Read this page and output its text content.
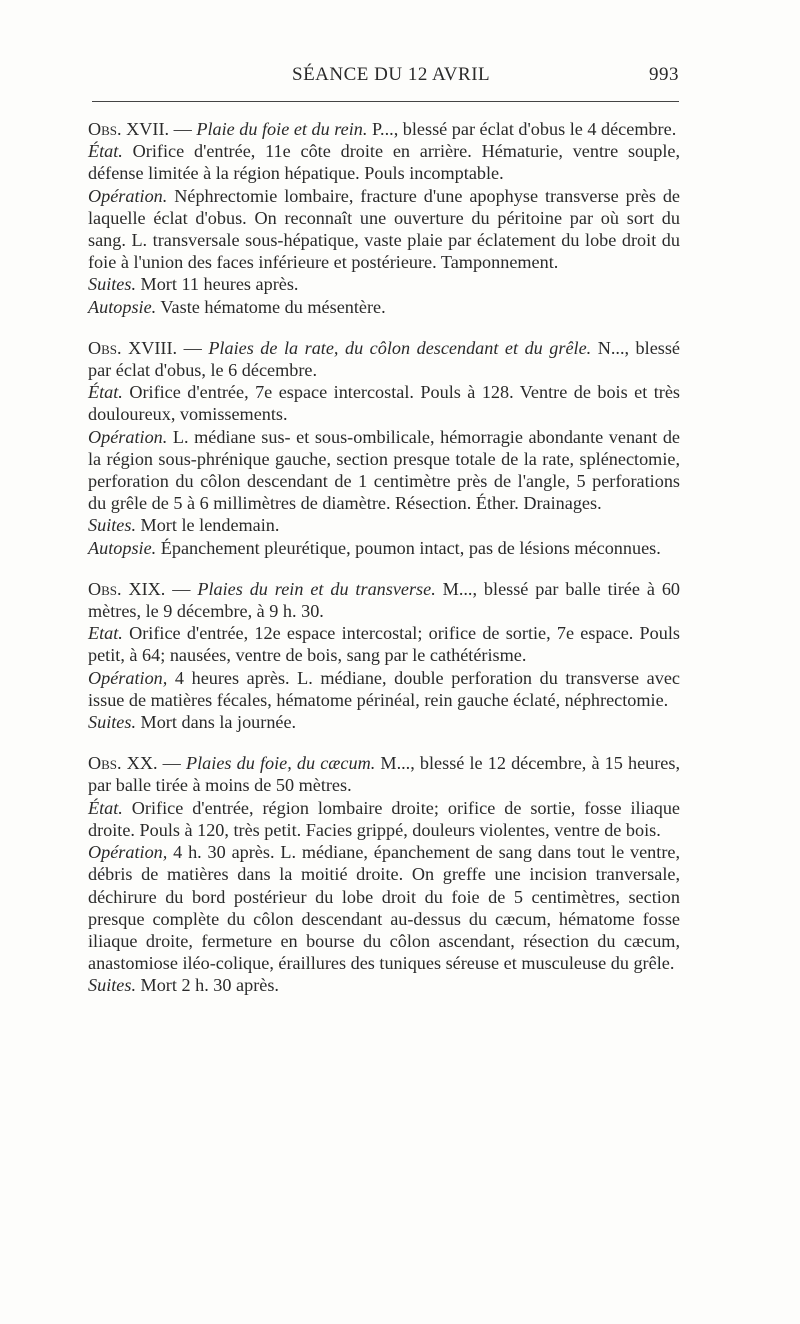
SÉANCE DU 12 AVRIL	993

Obs. XVII. — Plaie du foie et du rein. P..., blessé par éclat d'obus le 4 décembre.

État. Orifice d'entrée, 11e côte droite en arrière. Hématurie, ventre souple, défense limitée à la région hépatique. Pouls incomptable.

Opération. Néphrectomie lombaire, fracture d'une apophyse transverse près de laquelle éclat d'obus. On reconnaît une ouverture du péritoine par où sort du sang. L. transversale sous-hépatique, vaste plaie par éclatement du lobe droit du foie à l'union des faces inférieure et postérieure. Tamponnement.

Suites. Mort 11 heures après.

Autopsie. Vaste hématome du mésentère.

Obs. XVIII. — Plaies de la rate, du côlon descendant et du grêle. N..., blessé par éclat d'obus, le 6 décembre.

État. Orifice d'entrée, 7e espace intercostal. Pouls à 128. Ventre de bois et très douloureux, vomissements.

Opération. L. médiane sus- et sous-ombilicale, hémorragie abondante venant de la région sous-phrénique gauche, section presque totale de la rate, splénectomie, perforation du côlon descendant de 1 centimètre près de l'angle, 5 perforations du grêle de 5 à 6 millimètres de diamètre. Résection. Éther. Drainages.

Suites. Mort le lendemain.

Autopsie. Épanchement pleurétique, poumon intact, pas de lésions méconnues.

Obs. XIX. — Plaies du rein et du transverse. M..., blessé par balle tirée à 60 mètres, le 9 décembre, à 9 h. 30.

Etat. Orifice d'entrée, 12e espace intercostal; orifice de sortie, 7e espace. Pouls petit, à 64; nausées, ventre de bois, sang par le cathétérisme.

Opération, 4 heures après. L. médiane, double perforation du transverse avec issue de matières fécales, hématome périnéal, rein gauche éclaté, néphrectomie.

Suites. Mort dans la journée.

Obs. XX. — Plaies du foie, du cæcum. M..., blessé le 12 décembre, à 15 heures, par balle tirée à moins de 50 mètres.

État. Orifice d'entrée, région lombaire droite; orifice de sortie, fosse iliaque droite. Pouls à 120, très petit. Facies grippé, douleurs violentes, ventre de bois.

Opération, 4 h. 30 après. L. médiane, épanchement de sang dans tout le ventre, débris de matières dans la moitié droite. On greffe une incision tranversale, déchirure du bord postérieur du lobe droit du foie de 5 centimètres, section presque complète du côlon descendant au-dessus du cæcum, hématome fosse iliaque droite, fermeture en bourse du côlon ascendant, résection du cæcum, anastomiose iléo-colique, éraillures des tuniques séreuse et musculeuse du grêle.

Suites. Mort 2 h. 30 après.
